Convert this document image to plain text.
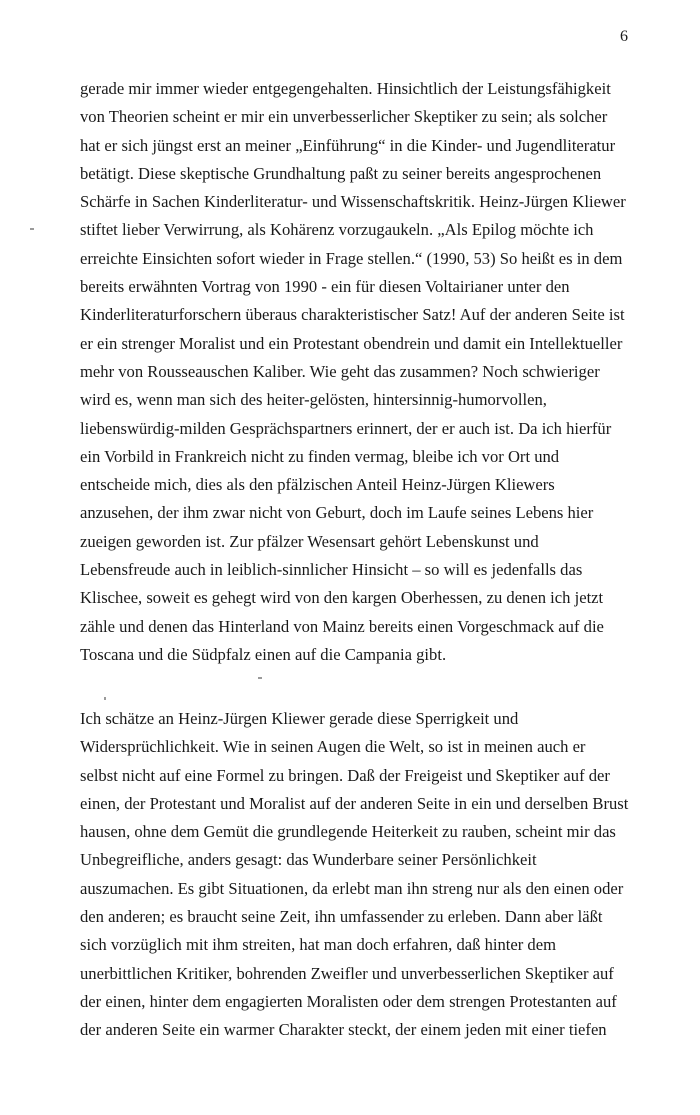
6
gerade mir immer wieder entgegengehalten. Hinsichtlich der Leistungsfähigkeit
von Theorien scheint er mir ein unverbesserlicher Skeptiker zu sein; als solcher
hat er sich jüngst erst an meiner „Einführung“ in die Kinder- und Jugendliteratur
betätigt. Diese skeptische Grundhaltung paßt zu seiner bereits angesprochenen
Schärfe in Sachen Kinderliteratur- und Wissenschaftskritik. Heinz-Jürgen Kliewer
stiftet lieber Verwirrung, als Kohärenz vorzugaukeln. „Als Epilog möchte ich
erreichte Einsichten sofort wieder in Frage stellen.“ (1990, 53) So heißt es in dem
bereits erwähnten Vortrag von 1990 - ein für diesen Voltairianer unter den
Kinderliteraturforschern überaus charakteristischer Satz! Auf der anderen Seite ist
er ein strenger Moralist und ein Protestant obendrein und damit ein Intellektueller
mehr von Rousseauschen Kaliber. Wie geht das zusammen? Noch schwieriger
wird es, wenn man sich des heiter-gelösten, hintersinnig-humorvollen,
liebenswürdig-milden Gesprächspartners erinnert, der er auch ist. Da ich hierfür
ein Vorbild in Frankreich nicht zu finden vermag, bleibe ich vor Ort und
entscheide mich, dies als den pfälzischen Anteil Heinz-Jürgen Kliewers
anzusehen, der ihm zwar nicht von Geburt, doch im Laufe seines Lebens hier
zueigen geworden ist. Zur pfälzer Wesensart gehört Lebenskunst und
Lebensfreude auch in leiblich-sinnlicher Hinsicht – so will es jedenfalls das
Klischee, soweit es gehegt wird von den kargen Oberhessen, zu denen ich jetzt
zähle und denen das Hinterland von Mainz bereits einen Vorgeschmack auf die
Toscana und die Südpfalz einen auf die Campania gibt.
Ich schätze an Heinz-Jürgen Kliewer gerade diese Sperrigkeit und
Widersprüchlichkeit. Wie in seinen Augen die Welt, so ist in meinen auch er
selbst nicht auf eine Formel zu bringen. Daß der Freigeist und Skeptiker auf der
einen, der Protestant und Moralist auf der anderen Seite in ein und derselben Brust
hausen, ohne dem Gemüt die grundlegende Heiterkeit zu rauben, scheint mir das
Unbegreifliche, anders gesagt: das Wunderbare seiner Persönlichkeit
auszumachen. Es gibt Situationen, da erlebt man ihn streng nur als den einen oder
den anderen; es braucht seine Zeit, ihn umfassender zu erleben. Dann aber läßt
sich vorzüglich mit ihm streiten, hat man doch erfahren, daß hinter dem
unerbittlichen Kritiker, bohrenden Zweifler und unverbesserlichen Skeptiker auf
der einen, hinter dem engagierten Moralisten oder dem strengen Protestanten auf
der anderen Seite ein warmer Charakter steckt, der einem jeden mit einer tiefen
